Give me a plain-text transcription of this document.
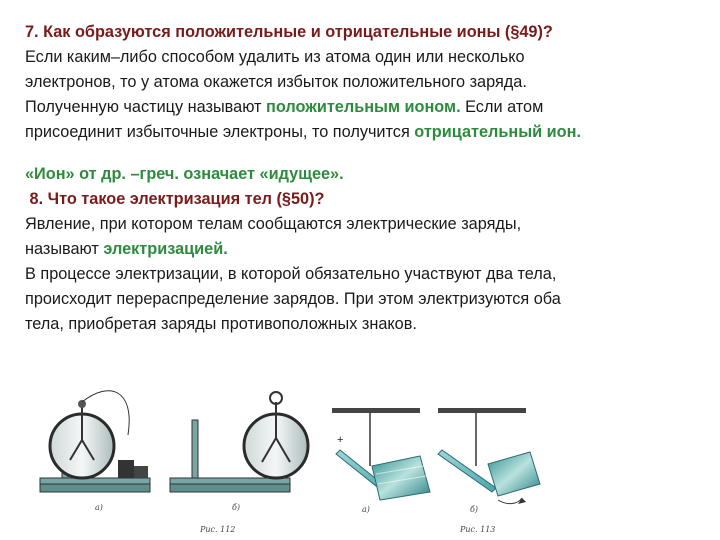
7. Как образуются положительные и отрицательные ионы (§49)?
Если каким–либо способом удалить из атома один или несколько
электронов, то у атома окажется избыток положительного заряда.
Полученную частицу называют положительным ионом. Если атом
присоединит избыточные электроны, то получится отрицательный ион.
«Ион» от др. –греч. означает «идущее».
8. Что такое электризация тел (§50)?
Явление, при котором телам сообщаются электрические заряды,
называют электризацией.
В процессе электризации, в которой обязательно участвуют два тела,
происходит перераспределение зарядов. При этом электризуются оба
тела, приобретая заряды противоположных знаков.
а)	б)
Рис. 112
+
а)	б)
Рис. 113
